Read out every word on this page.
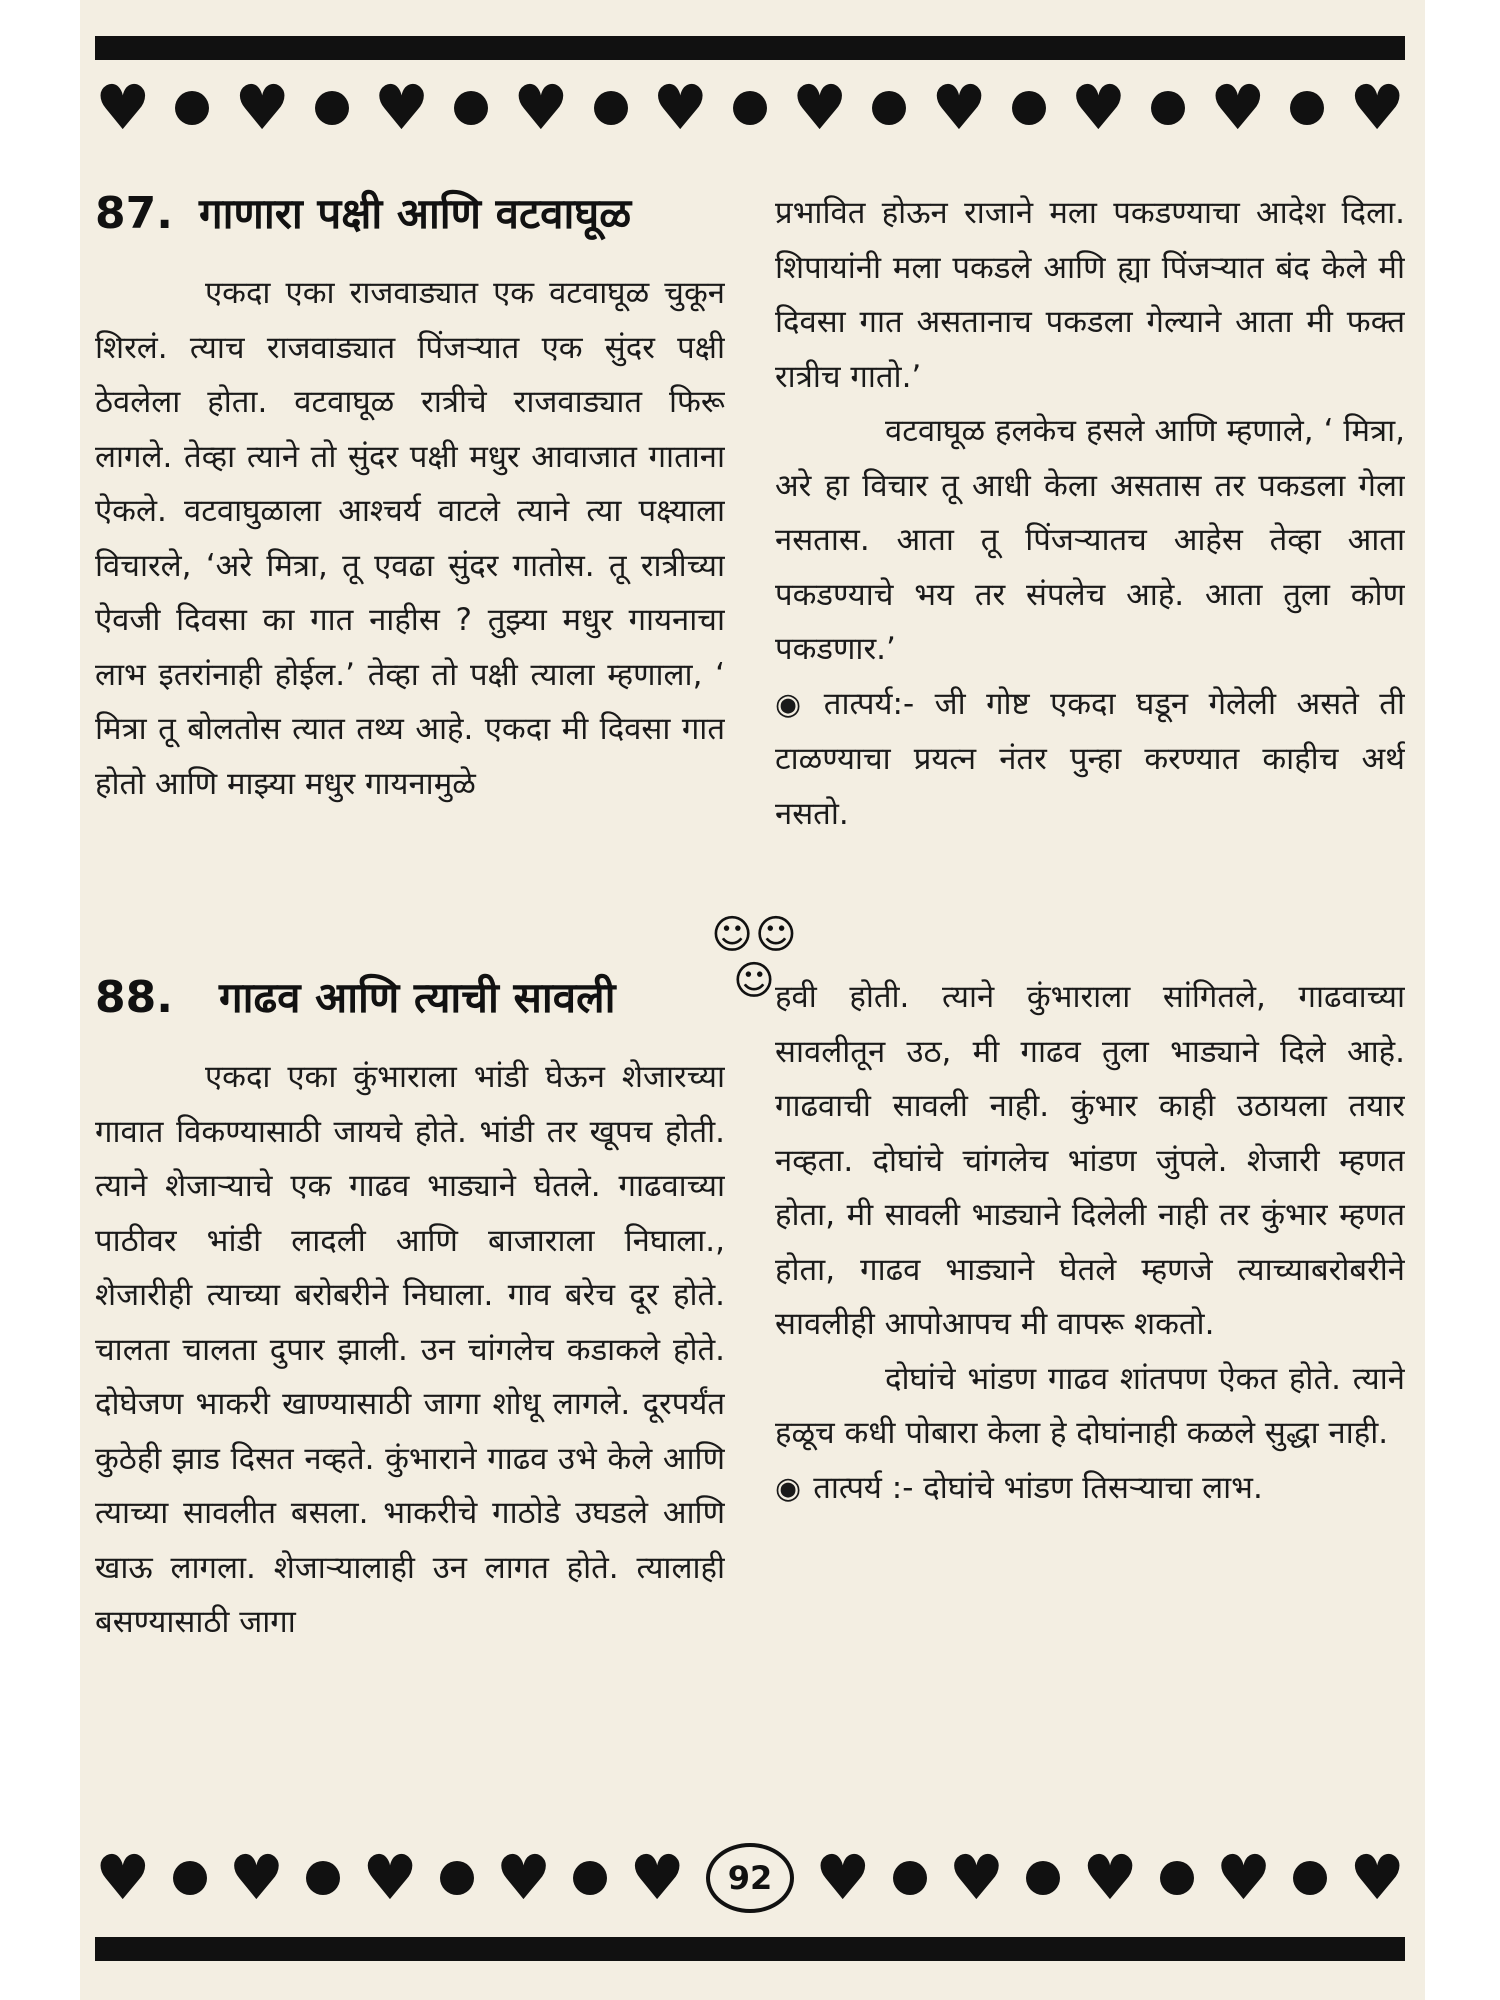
♥ ♥ ♥ ♥ ♥ ♥ ♥ ♥ ♥ ♥
87. गाणारा पक्षी आणि वटवाघूळ

एकदा एका राजवाड्यात एक वटवाघूळ चुकून शिरलं. त्याच राजवाड्यात पिंजऱ्यात एक सुंदर पक्षी ठेवलेला होता. वटवाघूळ रात्रीचे राजवाड्यात फिरू लागले. तेव्हा त्याने तो सुंदर पक्षी मधुर आवाजात गाताना ऐकले. वटवाघुळाला आश्चर्य वाटले त्याने त्या पक्ष्याला विचारले, ‘अरे मित्रा, तू एवढा सुंदर गातोस. तू रात्रीच्या ऐवजी दिवसा का गात नाहीस ? तुझ्या मधुर गायनाचा लाभ इतरांनाही होईल.’ तेव्हा तो पक्षी त्याला म्हणाला, ‘ मित्रा तू बोलतोस त्यात तथ्य आहे. एकदा मी दिवसा गात होतो आणि माझ्या मधुर गायनामुळे

प्रभावित होऊन राजाने मला पकडण्याचा आदेश दिला. शिपायांनी मला पकडले आणि ह्या पिंजऱ्यात बंद केले मी दिवसा गात असतानाच पकडला गेल्याने आता मी फक्त रात्रीच गातो.’

वटवाघूळ हलकेच हसले आणि म्हणाले, ‘ मित्रा, अरे हा विचार तू आधी केला असतास तर पकडला गेला नसतास. आता तू पिंजऱ्यातच आहेस तेव्हा आता पकडण्याचे भय तर संपलेच आहे. आता तुला कोण पकडणार.’

◉ तात्पर्य:- जी गोष्ट एकदा घडून गेलेली असते ती टाळण्याचा प्रयत्न नंतर पुन्हा करण्यात काहीच अर्थ नसतो.

☺☺☺
88. गाढव आणि त्याची सावली

एकदा एका कुंभाराला भांडी घेऊन शेजारच्या गावात विकण्यासाठी जायचे होते. भांडी तर खूपच होती. त्याने शेजाऱ्याचे एक गाढव भाड्याने घेतले. गाढवाच्या पाठीवर भांडी लादली आणि बाजाराला निघाला., शेजारीही त्याच्या बरोबरीने निघाला. गाव बरेच दूर होते. चालता चालता दुपार झाली. उन चांगलेच कडाकले होते. दोघेजण भाकरी खाण्यासाठी जागा शोधू लागले. दूरपर्यंत कुठेही झाड दिसत नव्हते. कुंभाराने गाढव उभे केले आणि त्याच्या सावलीत बसला. भाकरीचे गाठोडे उघडले आणि खाऊ लागला. शेजाऱ्यालाही उन लागत होते. त्यालाही बसण्यासाठी जागा

हवी होती. त्याने कुंभाराला सांगितले, गाढवाच्या सावलीतून उठ, मी गाढव तुला भाड्याने दिले आहे. गाढवाची सावली नाही. कुंभार काही उठायला तयार नव्हता. दोघांचे चांगलेच भांडण जुंपले. शेजारी म्हणत होता, मी सावली भाड्याने दिलेली नाही तर कुंभार म्हणत होता, गाढव भाड्याने घेतले म्हणजे त्याच्याबरोबरीने सावलीही आपोआपच मी वापरू शकतो.

दोघांचे भांडण गाढव शांतपण ऐकत होते. त्याने हळूच कधी पोबारा केला हे दोघांनाही कळले सुद्धा नाही.

◉ तात्पर्य :- दोघांचे भांडण तिसऱ्याचा लाभ.

♥ ♥ ♥ ♥ ♥	92 ♥ ♥ ♥ ♥ ♥
